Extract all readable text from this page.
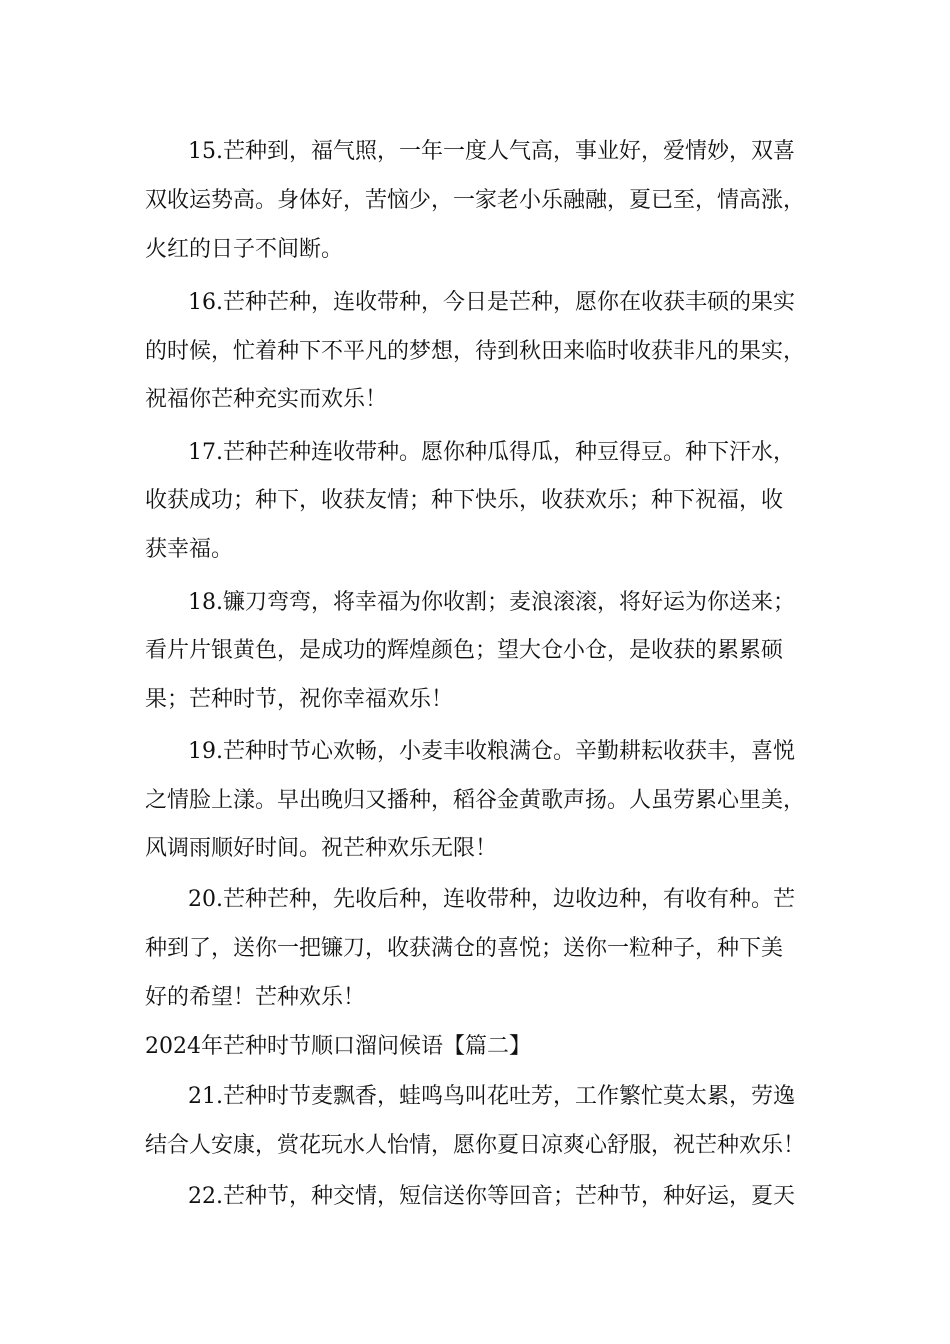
15.芒种到，福气照，一年一度人气高，事业好，爱情妙，双喜
双收运势高。身体好，苦恼少，一家老小乐融融，夏已至，情高涨，
火红的日子不间断。
16.芒种芒种，连收带种，今日是芒种，愿你在收获丰硕的果实
的时候，忙着种下不平凡的梦想，待到秋田来临时收获非凡的果实，
祝福你芒种充实而欢乐！
17.芒种芒种连收带种。愿你种瓜得瓜，种豆得豆。种下汗水，
收获成功；种下，收获友情；种下快乐，收获欢乐；种下祝福，收
获幸福。
18.镰刀弯弯，将幸福为你收割；麦浪滚滚，将好运为你送来；
看片片银黄色，是成功的辉煌颜色；望大仓小仓，是收获的累累硕
果；芒种时节，祝你幸福欢乐！
19.芒种时节心欢畅，小麦丰收粮满仓。辛勤耕耘收获丰，喜悦
之情脸上漾。早出晚归又播种，稻谷金黄歌声扬。人虽劳累心里美，
风调雨顺好时间。祝芒种欢乐无限！
20.芒种芒种，先收后种，连收带种，边收边种，有收有种。芒
种到了，送你一把镰刀，收获满仓的喜悦；送你一粒种子，种下美
好的希望！芒种欢乐！
2024年芒种时节顺口溜问候语【篇二】
21.芒种时节麦飘香，蛙鸣鸟叫花吐芳，工作繁忙莫太累，劳逸
结合人安康，赏花玩水人怡情，愿你夏日凉爽心舒服，祝芒种欢乐！
22.芒种节，种交情，短信送你等回音；芒种节，种好运，夏天
